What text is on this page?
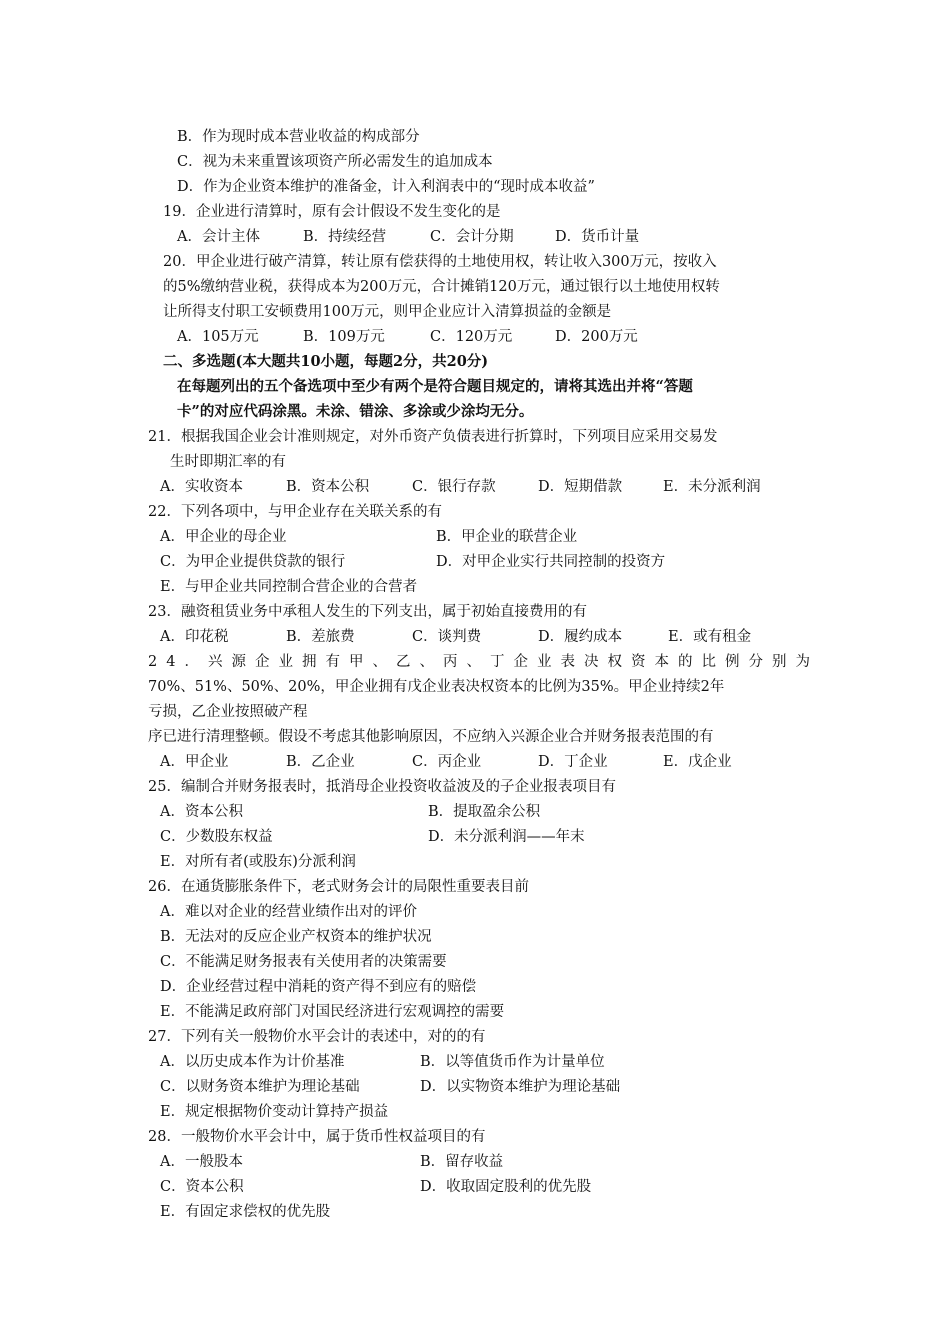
B．作为现时成本营业收益的构成部分
C．视为未来重置该项资产所必需发生的追加成本
D．作为企业资本维护的准备金，计入利润表中的“现时成本收益”
19．企业进行清算时，原有会计假设不发生变化的是
A．会计主体	B．持续经营	C．会计分期	D．货币计量
20．甲企业进行破产清算，转让原有偿获得的土地使用权，转让收入300万元，按收入
的5%缴纳营业税，获得成本为200万元，合计摊销120万元，通过银行以土地使用权转
让所得支付职工安顿费用100万元，则甲企业应计入清算损益的金额是
A．105万元	B．109万元	C．120万元	D．200万元
二、多选题(本大题共10小题，每题2分，共20分)
在每题列出的五个备选项中至少有两个是符合题目规定的，请将其选出并将“答题
卡”的对应代码涂黑。未涂、错涂、多涂或少涂均无分。
21．根据我国企业会计准则规定，对外币资产负债表进行折算时，下列项目应采用交易发
生时即期汇率的有
A．实收资本	B．资本公积	C．银行存款	D．短期借款	E．未分派利润
22．下列各项中，与甲企业存在关联关系的有
A．甲企业的母企业	B．甲企业的联营企业
C．为甲企业提供贷款的银行	D．对甲企业实行共同控制的投资方
E．与甲企业共同控制合营企业的合营者
23．融资租赁业务中承租人发生的下列支出，属于初始直接费用的有
A．印花税	B．差旅费	C．谈判费	D．履约成本	E．或有租金
24．兴源企业拥有甲、乙、丙、丁企业表决权资本的比例分别为
70%、51%、50%、20%，甲企业拥有戊企业表决权资本的比例为35%。甲企业持续2年
亏损，乙企业按照破产程
序已进行清理整顿。假设不考虑其他影响原因，不应纳入兴源企业合并财务报表范围的有
A．甲企业	B．乙企业	C．丙企业	D．丁企业	E．戊企业
25．编制合并财务报表时，抵消母企业投资收益波及的子企业报表项目有
A．资本公积	B．提取盈余公积
C．少数股东权益	D．未分派利润——年末
E．对所有者(或股东)分派利润
26．在通货膨胀条件下，老式财务会计的局限性重要表目前
A．难以对企业的经营业绩作出对的评价
B．无法对的反应企业产权资本的维护状况
C．不能满足财务报表有关使用者的决策需要
D．企业经营过程中消耗的资产得不到应有的赔偿
E．不能满足政府部门对国民经济进行宏观调控的需要
27．下列有关一般物价水平会计的表述中，对的的有
A．以历史成本作为计价基准	B．以等值货币作为计量单位
C．以财务资本维护为理论基础	D．以实物资本维护为理论基础
E．规定根据物价变动计算持产损益
28．一般物价水平会计中，属于货币性权益项目的有
A．一般股本	B．留存收益
C．资本公积	D．收取固定股利的优先股
E．有固定求偿权的优先股
